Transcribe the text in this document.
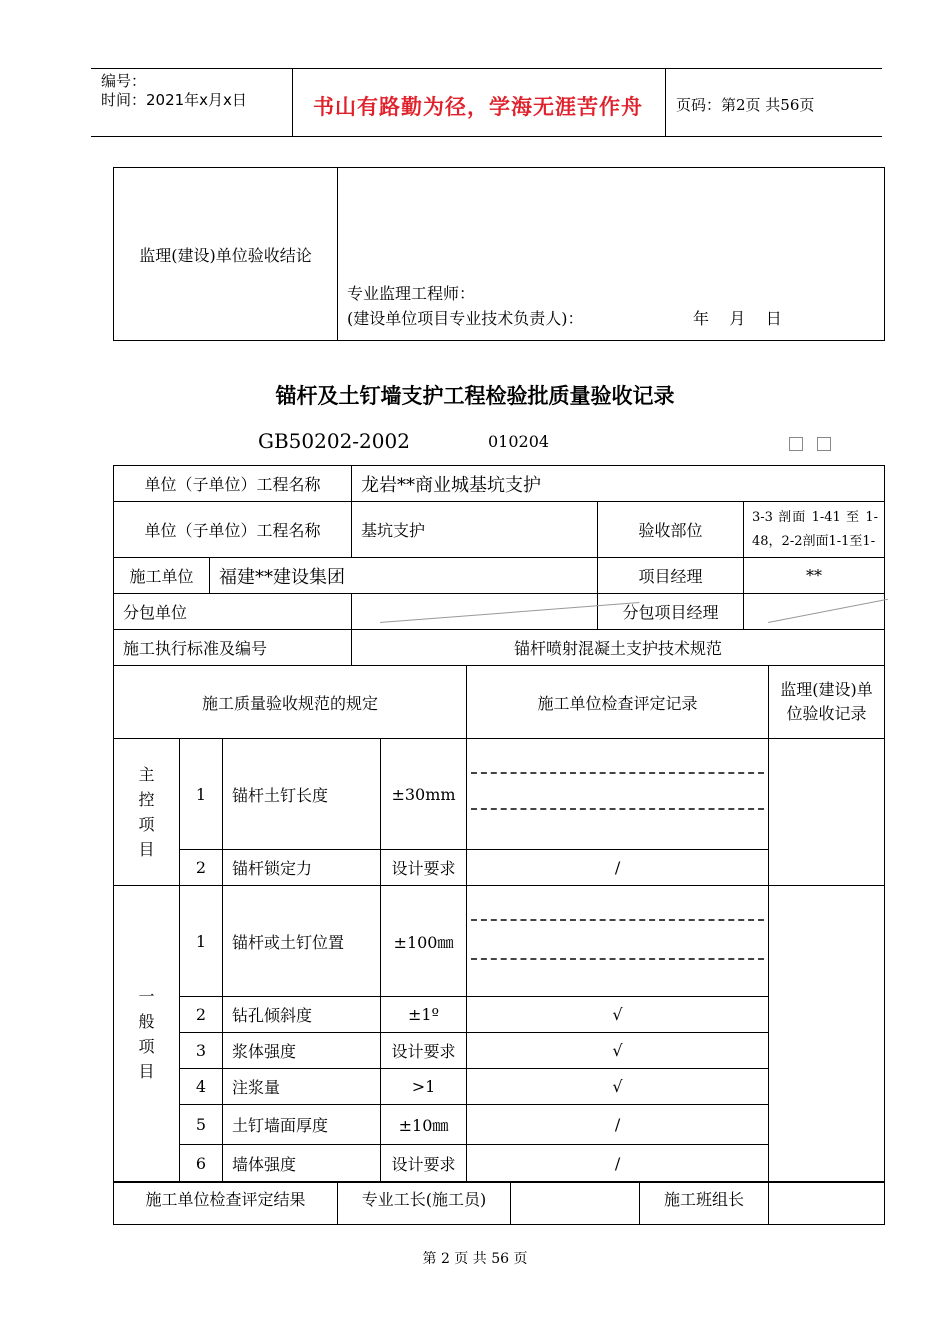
编号：
时间：2021年x月x日	书山有路勤为径，学海无涯苦作舟 页码：第2页 共56页
监理(建设)单位验收结论	
专业监理工程师：
(建设单位项目专业技术负责人)：	年    月    日
锚杆及土钉墙支护工程检验批质量验收记录
GB50202-2002	010204
单位（子单位）工程名称		龙岩**商业城基坑支护		
单位（子单位）工程名称		基坑支护	验收部位	3-3 剖面 1-41 至 1-48，2-2剖面1-1至1-
施工单位	福建**建设集团		项目经理	**
分包单位			分包项目经理	

施工执行标准及编号		锚杆喷射混凝土支护技术规范		
施工质量验收规范的规定				施工单位检查评定记录	监理(建设)单位验收记录
主控项目	1	锚杆土钉长度	±30mm	

	2	锚杆锁定力	设计要求	/	
一般项目	1	锚杆或土钉位置	±100㎜	

	2	钻孔倾斜度	±1º	√	
	3	浆体强度	设计要求	√	
	4	注浆量	>1	√	
	5	土钉墙面厚度	±10㎜	/	
	6	墙体强度	设计要求	/	
施工单位检查评定结果	专业工长(施工员)		施工班组长	
第 2 页 共 56 页
